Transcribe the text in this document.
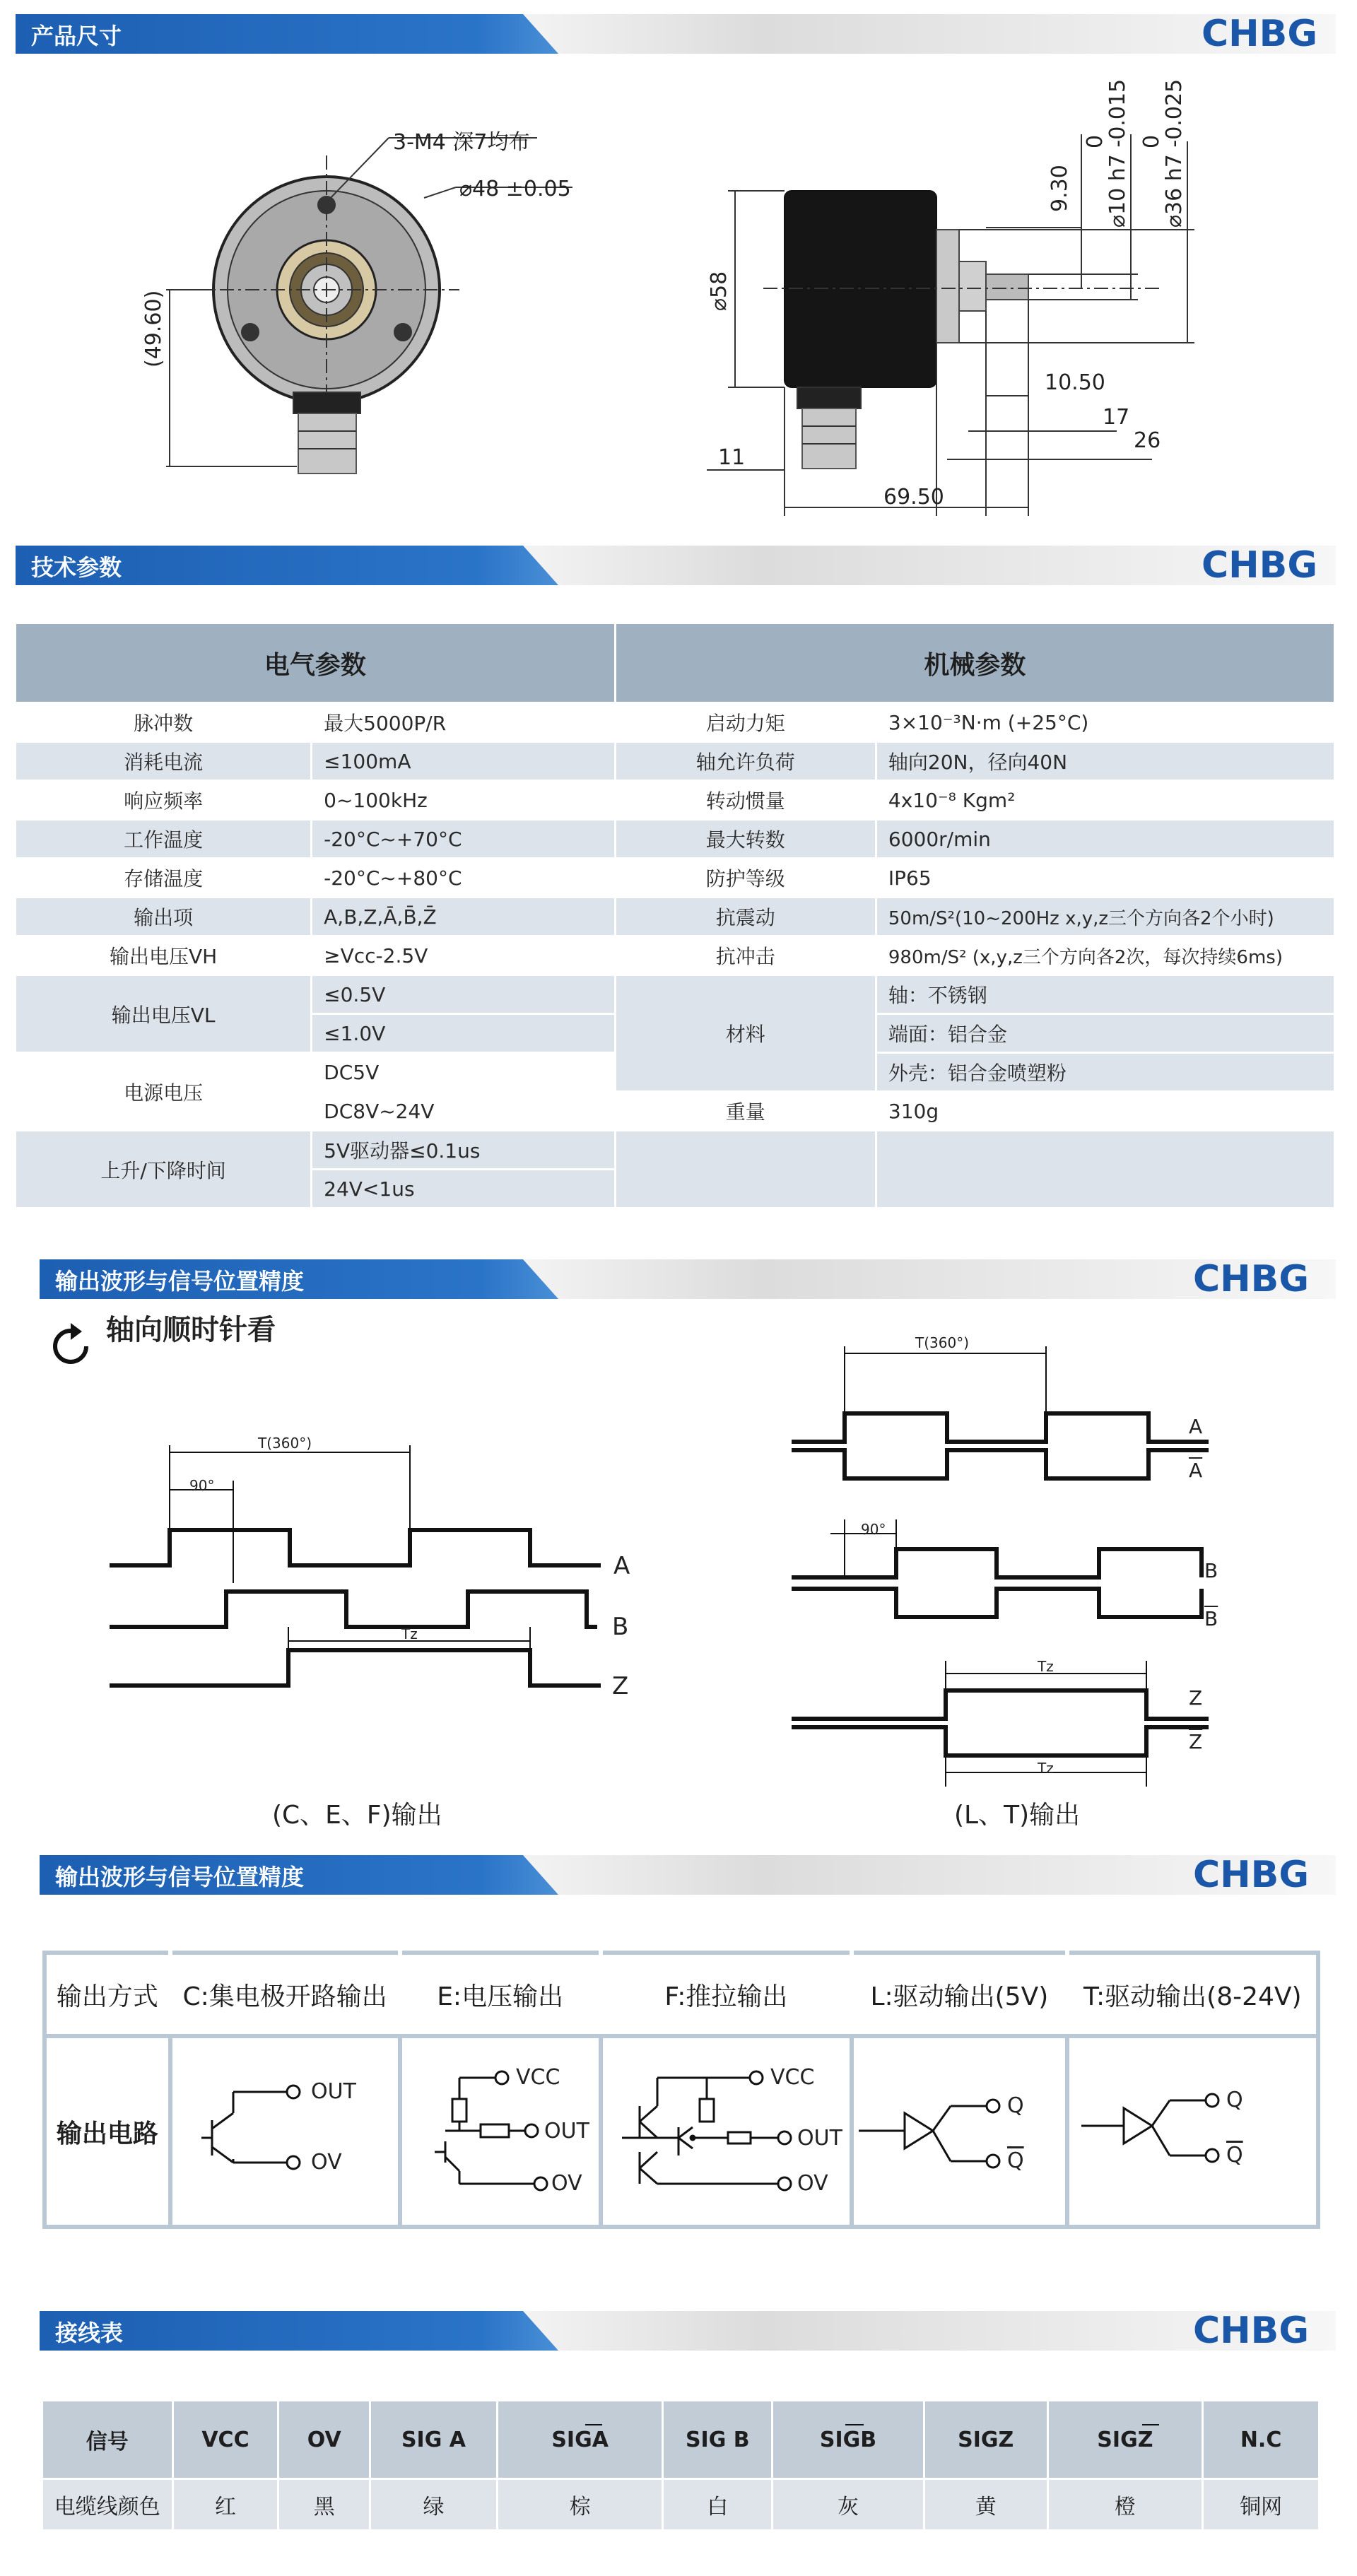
产品尺寸	CHBG
技术参数	CHBG
输出波形与信号位置精度	CHBG
输出波形与信号位置精度	CHBG
接线表	CHBG
3-M4 深7均布
⌀48 ±0.05
(49.60)	⌀58
9.30
0
⌀10 h7 -0.015 0
⌀36 h7 -0.025
10.50
17
26
11
69.50
电气参数		机械参数	
脉冲数	最大5000P/R	启动力矩	3×10⁻³N·m (+25°C)
消耗电流	≤100mA	轴允许负荷	轴向20N，径向40N
响应频率	0~100kHz	转动惯量	4x10⁻⁸ Kgm²
工作温度	-20°C~+70°C	最大转数	6000r/min
存储温度	-20°C~+80°C	防护等级	IP65
输出项	A,B,Z,Ā,B̄,Z̄	抗震动	50m/S²(10~200Hz x,y,z三个方向各2个小时)
输出电压VH	≥Vcc-2.5V	抗冲击	980m/S² (x,y,z三个方向各2次，每次持续6ms)
输出电压VL	≤0.5V	材料	轴：不锈钢
	≤1.0V		端面：铝合金
电源电压	DC5V		外壳：铝合金喷塑粉
	DC8V~24V	重量	310g
上升/下降时间	5V驱动器≤0.1us		
	24V<1us		
轴向顺时针看
T(360°)
90°
Tz
A
B
Z
(C、E、F)输出
T(360°)
90°
Tz
Tz
A
$\overline{A}$
B
$\overline{B}$
Z
$\overline{Z}$
(L、T)输出
输出方式	C:集电极开路输出	E:电压输出	F:推拉输出	L:驱动输出(5V)	T:驱动输出(8-24V)
输出电路					
OUT
OV
VCC
OUT
OV
VCC
OUT
OV
Q
$\overline{Q}$
Q
$\overline{Q}$
信号	VCC	OV	SIG A	SIGA	SIG B	SIGB	SIGZ	SIGZ	N.C
电缆线颜色	红	黑	绿	棕	白	灰	黄	橙	铜网
